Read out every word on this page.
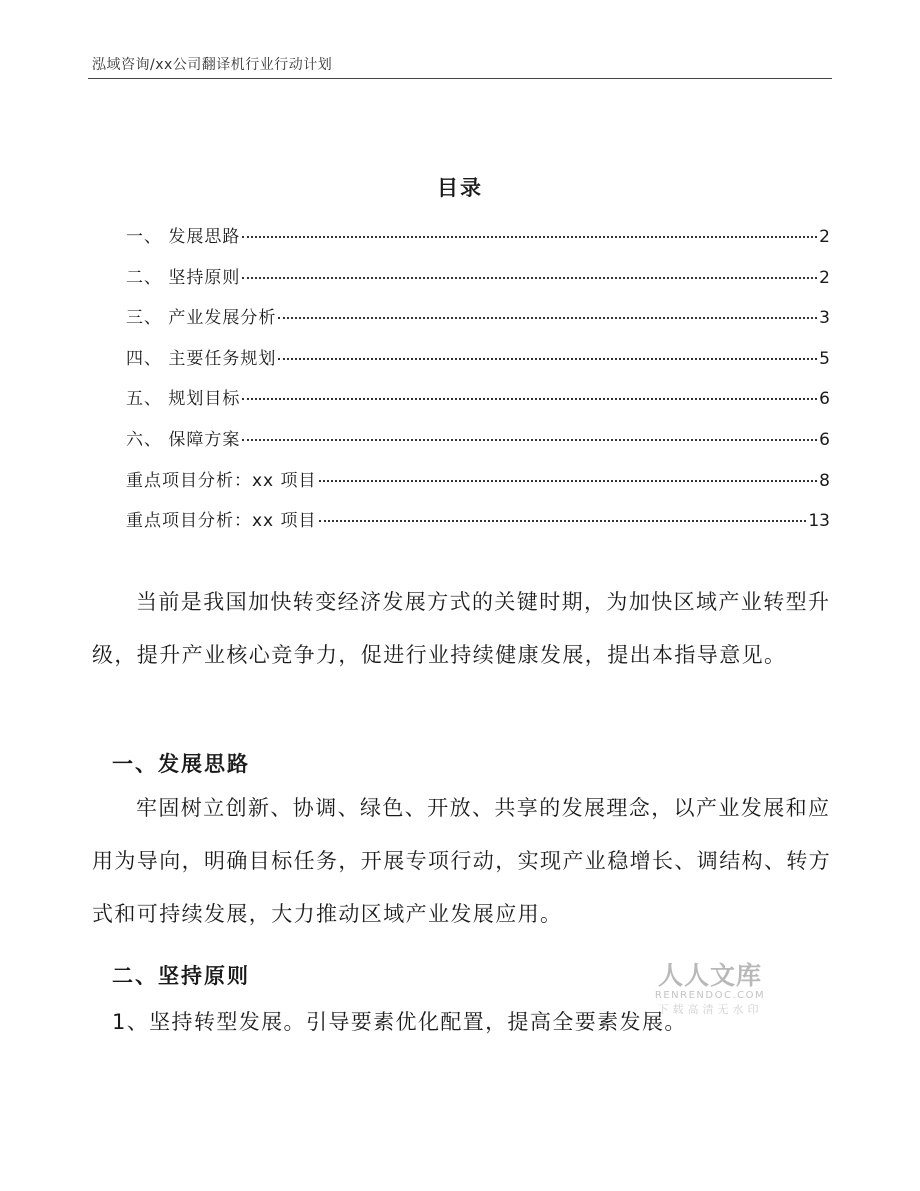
泓域咨询/xx公司翻译机行业行动计划
目录
一、 发展思路	2
二、 坚持原则	2
三、 产业发展分析	3
四、 主要任务规划	5
五、 规划目标	6
六、 保障方案	6
重点项目分析：xx 项目	8
重点项目分析：xx 项目	13

当前是我国加快转变经济发展方式的关键时期，为加快区域产业转型升级，提升产业核心竞争力，促进行业持续健康发展，提出本指导意见。

一、发展思路

牢固树立创新、协调、绿色、开放、共享的发展理念，以产业发展和应用为导向，明确目标任务，开展专项行动，实现产业稳增长、调结构、转方式和可持续发展，大力推动区域产业发展应用。

二、坚持原则

1、坚持转型发展。引导要素优化配置，提高全要素发展。

人人文库
RENRENDOC.COM
下载高清无水印
